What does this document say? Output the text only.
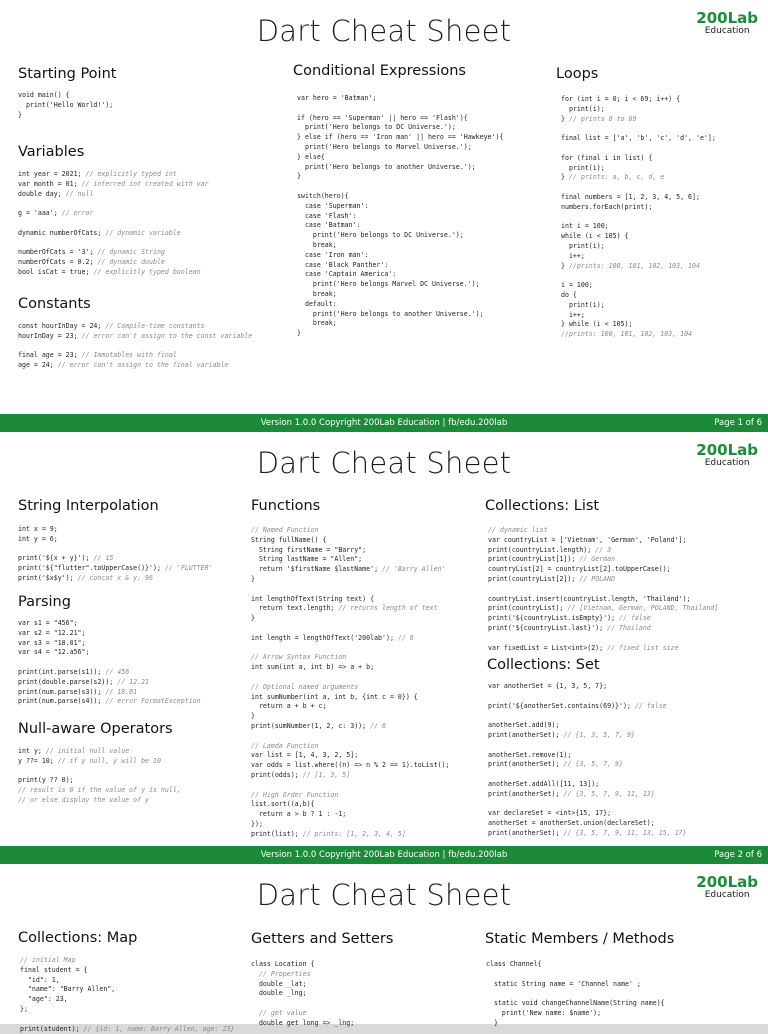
Dart Cheat Sheet	200Lab
Education
Starting Point
void main() {
print('Hello World!');
}
Variables
int year = 2021; // explicitly typed int
var month = 01; // inferred int created with var
double day; // null

g = 'aaa'; // error

dynamic numberOfCats; // dynamic variable

numberOfCats = '3'; // dynamic String
numberOfCats = 0.2; // dynamic double
bool isCat = true; // explicitly typed boolean
Constants
const hourInDay = 24; // Compile-time constants
hourInDay = 23; // error can't assign to the const variable

final age = 23; // Immutables with final
age = 24; // error can't assign to the final variable
Conditional Expressions
var hero = 'Batman';

if (hero == 'Superman' || hero == 'Flash'){
print('Hero belongs to DC Universe.');
} else if (hero == 'Iron man' || hero == 'Hawkeye'){
print('Hero belongs to Marvel Universe.');
} else{
print('Hero belongs to another Universe.');
}

switch(hero){
case 'Superman':
case 'Flash':
case 'Batman':
print('Hero belongs to DC Universe.');
break;
case 'Iron man':
case 'Black Panther':
case 'Captain America':
print('Hero belongs Marvel DC Universe.');
break;
default:
print('Hero belongs to another Universe.');
break;
}
Loops
for (int i = 0; i < 69; i++) {
print(i);
} // prints 0 to 69

final list = ['a', 'b', 'c', 'd', 'e'];

for (final i in list) {
print(i);
} // prints: a, b, c, d, e

final numbers = [1, 2, 3, 4, 5, 6];
numbers.forEach(print);

int i = 100;
while (i < 105) {
print(i);
i++;
} //prints: 100, 101, 102, 103, 104

i = 100;
do {
print(i);
i++;
} while (i < 105);
//prints: 100, 101, 102, 103, 104
Version 1.0.0 Copyright 200Lab Education | fb/edu.200lab	Page 1 of 6
Dart Cheat Sheet	200Lab
Education
String Interpolation
int x = 9;
int y = 6;

print('${x + y}'); // 15
print('${"flutter".toUpperCase()}'); // 'FLUTTER'
print('$x$y'); // concat x & y: 96
Parsing
var s1 = "456";
var s2 = "12.21";
var s3 = "18.01";
var s4 = "12.a56";

print(int.parse(s1)); // 456
print(double.parse(s2)); // 12.21
print(num.parse(s3)); // 18.01
print(num.parse(s4)); // error FormatException
Null-aware Operators
int y; // initial null value
y ??= 10; // if y null, y will be 10

print(y ?? 0);
// result is 0 if the value of y is null,
// or else display the value of y
Functions
// Named Function
String fullName() {
String firstName = "Barry";
String lastName = "Allen";
return '$firstName $lastName'; // 'Barry Allen'
}

int lengthOfText(String text) {
return text.length; // returns length of text
}

int length = lengthOfText('200lab'); // 6

// Arrow Syntax Function
int sum(int a, int b) => a + b;

// Optional named arguments
int sumNumber(int a, int b, {int c = 0}) {
return a + b + c;
}
print(sumNumber(1, 2, c: 3)); // 6

// Lamda Function
var list = [1, 4, 3, 2, 5];
var odds = list.where((n) => n % 2 == 1).toList();
print(odds); // [1, 3, 5]

// High Order Function
list.sort((a,b){
return a > b ? 1 : -1;
});
print(list); // prints: [1, 2, 3, 4, 5]
Collections: List
// dynamic list
var countryList = ['Vietnam', 'German', 'Poland'];
print(countryList.length); // 3
print(countryList[1]); // German
countryList[2] = countryList[2].toUpperCase();
print(countryList[2]); // POLAND

countryList.insert(countryList.length, 'Thailand');
print(countryList); // [Vietnam, German, POLAND, Thailand]
print('${countryList.isEmpty}'); // false
print('${countryList.last}'); // Thailand

var fixedList = List<int>(2); // fixed list size
Collections: Set
var anotherSet = {1, 3, 5, 7};

print('${anotherSet.contains(69)}'); // false

anotherSet.add(9);
print(anotherSet); // {1, 3, 5, 7, 9}

anotherSet.remove(1);
print(anotherSet); // {3, 5, 7, 9}

anotherSet.addAll([11, 13]);
print(anotherSet); // {3, 5, 7, 9, 11, 13}

var declareSet = <int>{15, 17};
anotherSet = anotherSet.union(declareSet);
print(anotherSet); // {3, 5, 7, 9, 11, 13, 15, 17}
Version 1.0.0 Copyright 200Lab Education | fb/edu.200lab	Page 2 of 6
Dart Cheat Sheet	200Lab
Education
Collections: Map
// initial Map
final student = {
"id": 1,
"name": "Barry Allen",
"age": 23,
};

print(student); // {id: 1, name: Barry Allen, age: 23}
Getters and Setters
class Location {
// Properties
double _lat;
double _lng;

// get value
double get long => _lng;
Static Members / Methods
class Channel{

static String name = 'Channel name' ;

static void changeChannelName(String name){
print('New name: $name');
}
